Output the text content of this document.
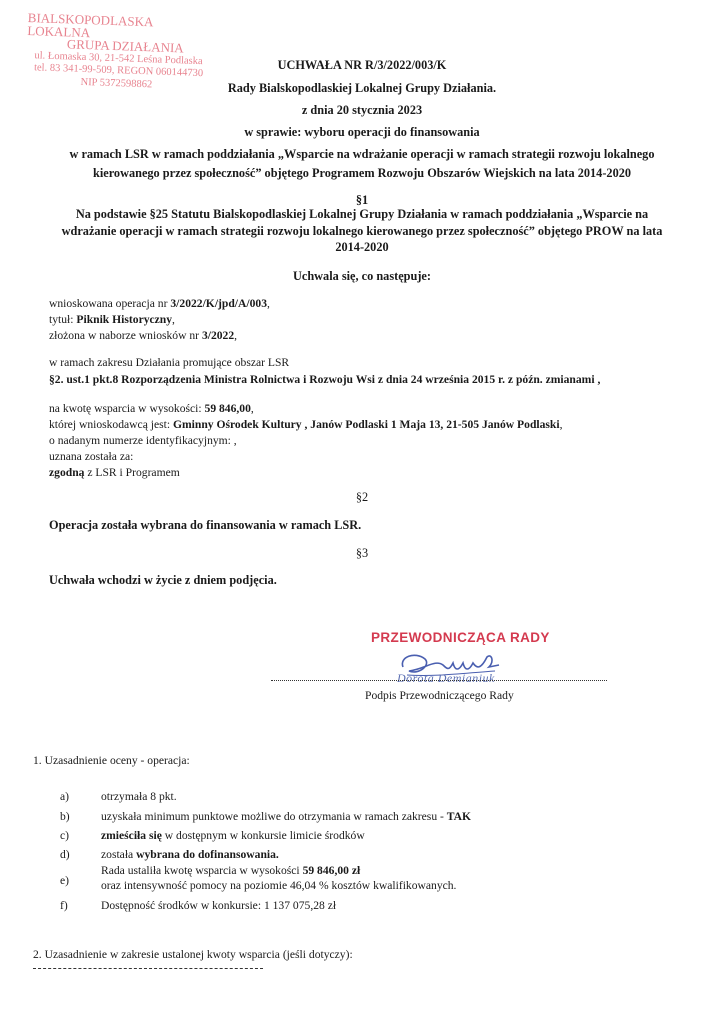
BIALSKOPODLASKA LOKALNA
GRUPA DZIAŁANIA
ul. Łomaska 30, 21-542 Leśna Podlaska
tel. 83 341-99-509, REGON 060144730
NIP 5372598862
UCHWAŁA NR R/3/2022/003/K
Rady Bialskopodlaskiej Lokalnej Grupy Działania.
z dnia 20 stycznia 2023
w sprawie: wyboru operacji do finansowania
w ramach LSR w ramach poddziałania „Wsparcie na wdrażanie operacji w ramach strategii rozwoju lokalnego
kierowanego przez społeczność” objętego Programem Rozwoju Obszarów Wiejskich na lata 2014-2020
§1
Na podstawie §25 Statutu Bialskopodlaskiej Lokalnej Grupy Działania w ramach poddziałania „Wsparcie na
wdrażanie operacji w ramach strategii rozwoju lokalnego kierowanego przez społeczność” objętego PROW na lata
2014-2020
Uchwala się, co następuje:
wnioskowana operacja nr 3/2022/K/jpd/A/003,
tytuł: Piknik Historyczny,
złożona w naborze wniosków nr 3/2022,
w ramach zakresu Działania promujące obszar LSR
§2. ust.1 pkt.8 Rozporządzenia Ministra Rolnictwa i Rozwoju Wsi z dnia 24 września 2015 r. z późn. zmianami ,
na kwotę wsparcia w wysokości: 59 846,00,
której wnioskodawcą jest: Gminny Ośrodek Kultury , Janów Podlaski 1 Maja 13, 21-505 Janów Podlaski,
o nadanym numerze identyfikacyjnym: ,
uznana została za:
zgodną z LSR i Programem
§2
Operacja została wybrana do finansowania w ramach LSR.
§3
Uchwała wchodzi w życie z dniem podjęcia.
PRZEWODNICZĄCA RADY
Dorota Demianiuk
Podpis Przewodniczącego Rady
1. Uzasadnienie oceny - operacja:
a)	otrzymała 8 pkt.
b)	uzyskała minimum punktowe możliwe do otrzymania w ramach zakresu - TAK
c)	zmieściła się w dostępnym w konkursie limicie środków
d)	została wybrana do dofinansowania.
e)
Rada ustaliła kwotę wsparcia w wysokości 59 846,00 zł
oraz intensywność pomocy na poziomie 46,04 % kosztów kwalifikowanych.
f)	Dostępność środków w konkursie: 1 137 075,28 zł
2. Uzasadnienie w zakresie ustalonej kwoty wsparcia (jeśli dotyczy):
